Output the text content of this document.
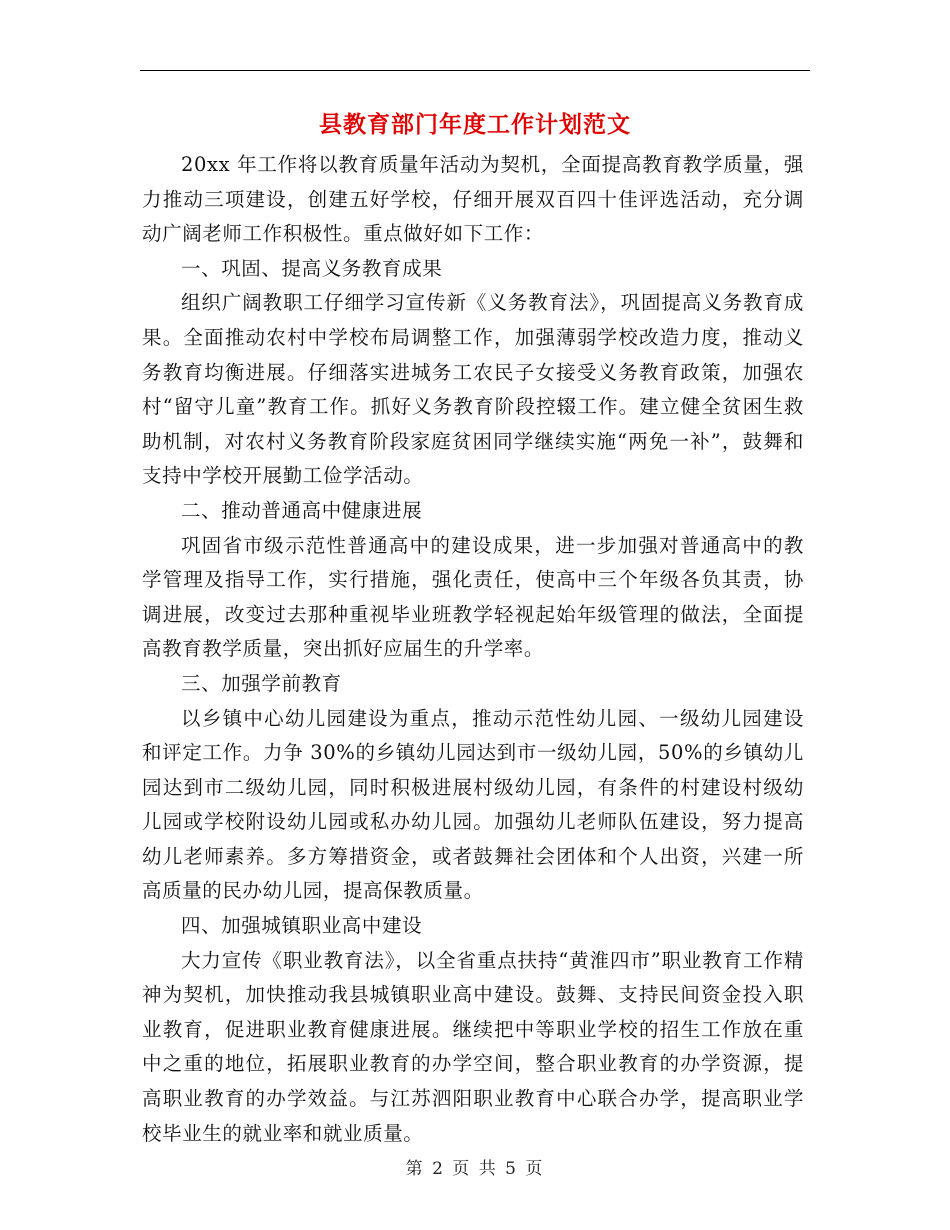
县教育部门年度工作计划范文

20xx 年工作将以教育质量年活动为契机，全面提高教育教学质量，强力推动三项建设，创建五好学校，仔细开展双百四十佳评选活动，充分调动广阔老师工作积极性。重点做好如下工作：

一、巩固、提高义务教育成果

组织广阔教职工仔细学习宣传新《义务教育法》，巩固提高义务教育成果。全面推动农村中学校布局调整工作，加强薄弱学校改造力度，推动义务教育均衡进展。仔细落实进城务工农民子女接受义务教育政策，加强农村“留守儿童”教育工作。抓好义务教育阶段控辍工作。建立健全贫困生救助机制，对农村义务教育阶段家庭贫困同学继续实施“两免一补”，鼓舞和支持中学校开展勤工俭学活动。

二、推动普通高中健康进展

巩固省市级示范性普通高中的建设成果，进一步加强对普通高中的教学管理及指导工作，实行措施，强化责任，使高中三个年级各负其责，协调进展，改变过去那种重视毕业班教学轻视起始年级管理的做法，全面提高教育教学质量，突出抓好应届生的升学率。

三、加强学前教育

以乡镇中心幼儿园建设为重点，推动示范性幼儿园、一级幼儿园建设和评定工作。力争 30%的乡镇幼儿园达到市一级幼儿园，50%的乡镇幼儿园达到市二级幼儿园，同时积极进展村级幼儿园，有条件的村建设村级幼儿园或学校附设幼儿园或私办幼儿园。加强幼儿老师队伍建设，努力提高幼儿老师素养。多方筹措资金，或者鼓舞社会团体和个人出资，兴建一所高质量的民办幼儿园，提高保教质量。

四、加强城镇职业高中建设

大力宣传《职业教育法》，以全省重点扶持“黄淮四市”职业教育工作精神为契机，加快推动我县城镇职业高中建设。鼓舞、支持民间资金投入职业教育，促进职业教育健康进展。继续把中等职业学校的招生工作放在重中之重的地位，拓展职业教育的办学空间，整合职业教育的办学资源，提高职业教育的办学效益。与江苏泗阳职业教育中心联合办学，提高职业学校毕业生的就业率和就业质量。

第 2 页 共 5 页
